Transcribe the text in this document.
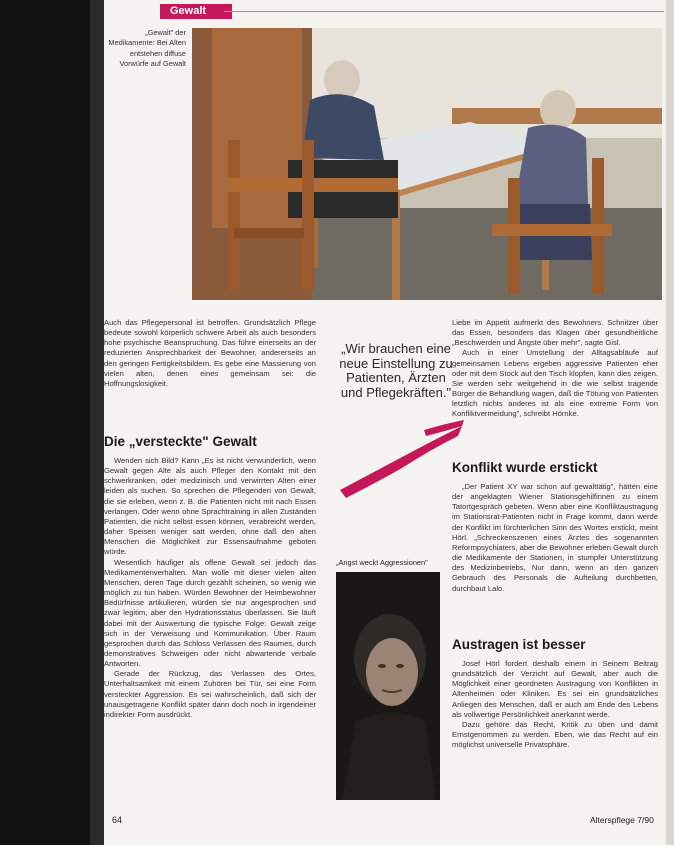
Gewalt
„Gewalt" der Medikamente: Bei Alten entstehen diffuse Vorwürfe auf Gewalt

Auch das Pflegepersonal ist betroffen. Grundsätzlich Pflege bedeute sowohl körperlich schwere Arbeit als auch besonders hohe psychische Beanspruchung. Das führe einerseits an der reduzierten Ansprechbarkeit der Bewohner, andererseits an den geringen Fertigkeitsbildern. Es gebe eine Massierung von vielen alten, denen eines gemeinsam sei: die Hoffnungslosigkeit.

Die „versteckte" Gewalt

Wenden sich Bild? Kann „Es ist nicht verwunderlich, wenn Gewalt gegen Alte als auch Pfleger den Kontakt mit den schwerkranken, oder medizinisch und verwirrten Alten einer leiden als suchen. So sprechen die Pflegenden von Gewalt, die sie erleben, wenn z. B. die Patienten nicht mit nach Essen verlangen. Oder wenn ohne Sprachtraining in allen Zuständen Patienten, die nicht selbst essen können, verabreicht werden, daher Speisen weniger satt werden, ohne daß den alten Menschen die Möglichkeit zur Essensaufnahme geboten würde.

Wesentlich häufiger als offene Gewalt sei jedoch das Medikamentenverhalten. Man wolle mit dieser vielen alten Menschen, deren Tage durch gezählt scheinen, so wenig wie möglich zu tun haben. Würden Bewohner der Heimbewohner Bedürfnisse artikulieren, würden sie nur angesprochen und zwar legitim, aber den Hydrationsstatus überlassen. Sie läuft dabei mit der Auswertung die typische Folge: Gewalt zeige sich in der Verweisung und Kommunikation. Über Raum gesprochen durch das Schloss Verlassen des Raumes, durch demonstratives Schweigen oder nicht abwartende verbale Antworten.

Gerade der Rückzug, das Verlassen des Ortes, Unterhaltsamkeit mit einem Zuhören bei Tür, sei eine Form versteckter Aggression. Es sei wahrscheinlich, daß sich der unausgetragene Konflikt später dann doch noch in irgendeiner indirekter Form ausdrückt.

„Wir brauchen eine neue Einstellung zu Patienten, Ärzten und Pflegekräften."
„Angst weckt Aggressionen"

Liebe im Appetit aufmerkt des Bewohners. Schnitzer über das Essen, besonders das Klagen über gesundheitliche „Beschwerden und Ängste über mehr", sagte Gisl.

Auch in einer Umstellung der Alltagsabläufe auf gemeinsamen Lebens ergeben aggressive Patienten eher oder mit dem Stock auf den Tisch klopfen, kann dies zeigen. Sie werden sehr weitgehend in die wie selbst tragende Bürger die Behandlung wagen, daß die Tötung von Patienten letztlich nichts anderes ist als eine extreme Form von Konfliktvermeidung", schreibt Hörnke.

Konflikt wurde erstickt

„Der Patient XY war schon auf gewalttätig", hätten eine der angeklagten Wiener Stationsgehilfinnen zu einem Tatortgespräch gebeten. Wenn aber eine Konfliktaustragung im Stationsrat-Patienten nicht in Frage kommt, dann werde der Konflikt im fürchterlichen Sinn des Wortes erstickt, meint Hörl. „Schreckenszenen eines Ärztes des sogenannten Reformpsychiaters, aber die Bewohner erleben Gewalt durch die Medikamente der Stationen, in stumpfer Unterstützung des Medizinbetriebs, Nur dann, wenn an den ganzen Gebrauch des Personals die Aufteilung durchbetten, durchbaut Lalo.

Austragen ist besser

Josef Hörl fordert deshalb einem in Seinem Beitrag grundsätzlich der Verzicht auf Gewalt, aber auch die Möglichkeit einer geordneten Austragung von Konflikten in Altenheimen oder Kliniken. Es sei ein grundsätzliches Anliegen des Menschen, daß er auch am Ende des Lebens als vollwertige Persönlichkeit anerkannt werde.

Dazu gehöre das Recht, Kritik zu üben und damit Ernstgenommen zu werden. Eben, wie das Recht auf ein möglichst universelle Privatsphäre.

64	Alterspflege 7/90
